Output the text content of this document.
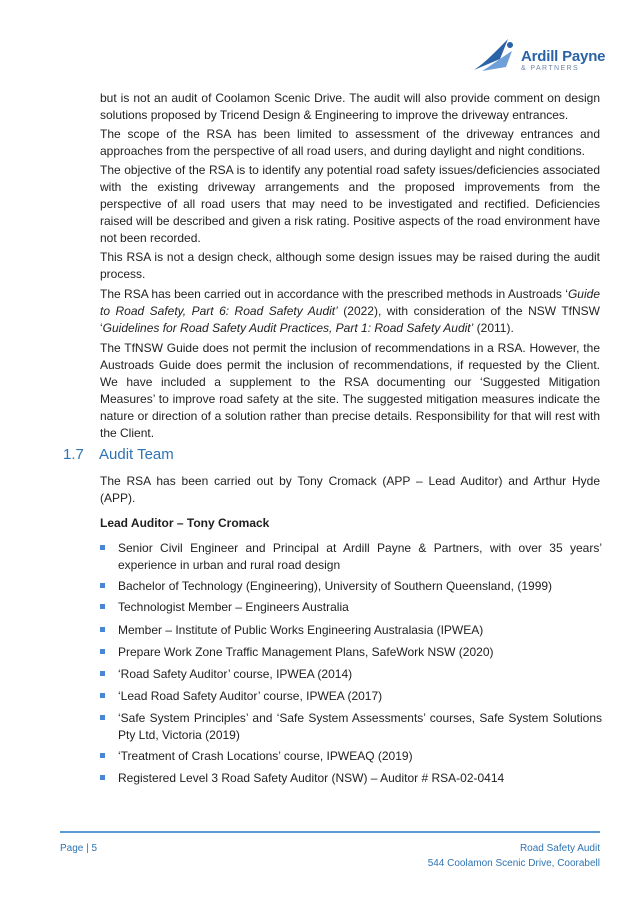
Ardill Payne
& PARTNERS

but is not an audit of Coolamon Scenic Drive. The audit will also provide comment on design solutions proposed by Tricend Design & Engineering to improve the driveway entrances.

The scope of the RSA has been limited to assessment of the driveway entrances and approaches from the perspective of all road users, and during daylight and night conditions.

The objective of the RSA is to identify any potential road safety issues/deficiencies associated with the existing driveway arrangements and the proposed improvements from the perspective of all road users that may need to be investigated and rectified. Deficiencies raised will be described and given a risk rating. Positive aspects of the road environment have not been recorded.

This RSA is not a design check, although some design issues may be raised during the audit process.

The RSA has been carried out in accordance with the prescribed methods in Austroads ‘Guide to Road Safety, Part 6: Road Safety Audit’ (2022), with consideration of the NSW TfNSW ‘Guidelines for Road Safety Audit Practices, Part 1: Road Safety Audit’ (2011).

The TfNSW Guide does not permit the inclusion of recommendations in a RSA. However, the Austroads Guide does permit the inclusion of recommendations, if requested by the Client. We have included a supplement to the RSA documenting our ‘Suggested Mitigation Measures’ to improve road safety at the site. The suggested mitigation measures indicate the nature or direction of a solution rather than precise details. Responsibility for that will rest with the Client.

1.7 Audit Team

The RSA has been carried out by Tony Cromack (APP – Lead Auditor) and Arthur Hyde (APP).

Lead Auditor – Tony Cromack
Senior Civil Engineer and Principal at Ardill Payne & Partners, with over 35 years’ experience in urban and rural road design
Bachelor of Technology (Engineering), University of Southern Queensland, (1999)
Technologist Member – Engineers Australia
Member – Institute of Public Works Engineering Australasia (IPWEA)
Prepare Work Zone Traffic Management Plans, SafeWork NSW (2020)
‘Road Safety Auditor’ course, IPWEA (2014)
‘Lead Road Safety Auditor’ course, IPWEA (2017)
‘Safe System Principles’ and ‘Safe System Assessments’ courses, Safe System Solutions Pty Ltd, Victoria (2019)
‘Treatment of Crash Locations’ course, IPWEAQ (2019)
Registered Level 3 Road Safety Auditor (NSW) – Auditor # RSA-02-0414
Page | 5	Road Safety Audit
544 Coolamon Scenic Drive, Coorabell
